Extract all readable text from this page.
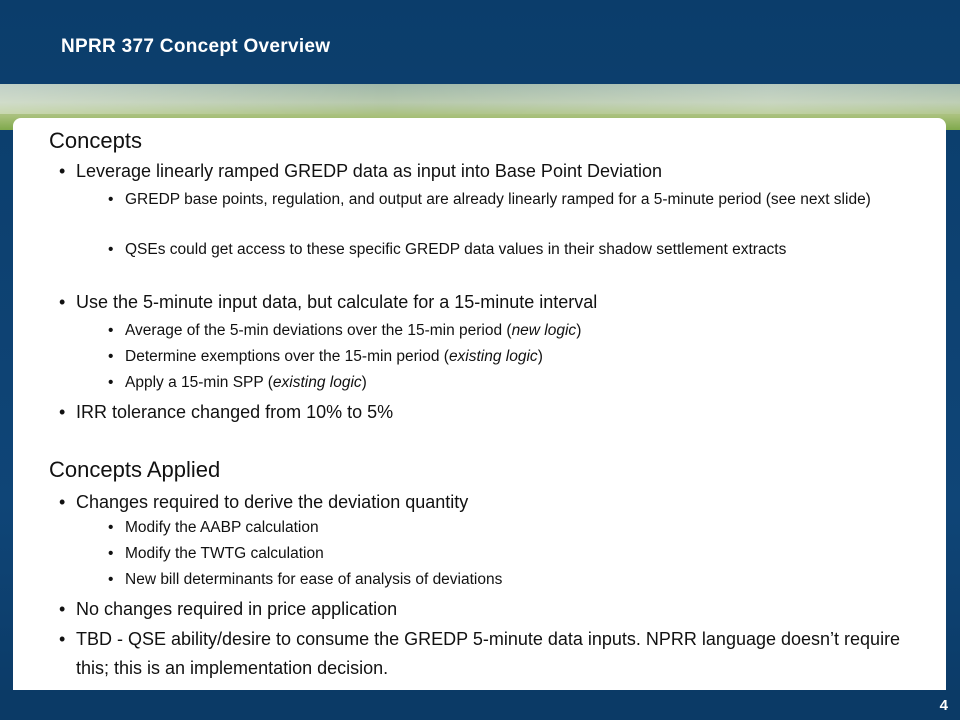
NPRR 377 Concept Overview
4
Concepts
• Leverage linearly ramped GREDP data as input into Base Point Deviation
• GREDP base points, regulation, and output are already linearly ramped for a 5-minute period (see next slide)
• QSEs could get access to these specific GREDP data values in their shadow settlement extracts
• Use the 5-minute input data, but calculate for a 15-minute interval
• Average of the 5-min deviations over the 15-min period (new logic)
• Determine exemptions over the 15-min period (existing logic)
• Apply a 15-min SPP (existing logic)
• IRR tolerance changed from 10% to 5%
Concepts Applied
• Changes required to derive the deviation quantity
• Modify the AABP calculation
• Modify the TWTG calculation
• New bill determinants for ease of analysis of deviations
• No changes required in price application
• TBD - QSE ability/desire to consume the GREDP 5-minute data inputs. NPRR language doesn’t require this; this is an implementation decision.
